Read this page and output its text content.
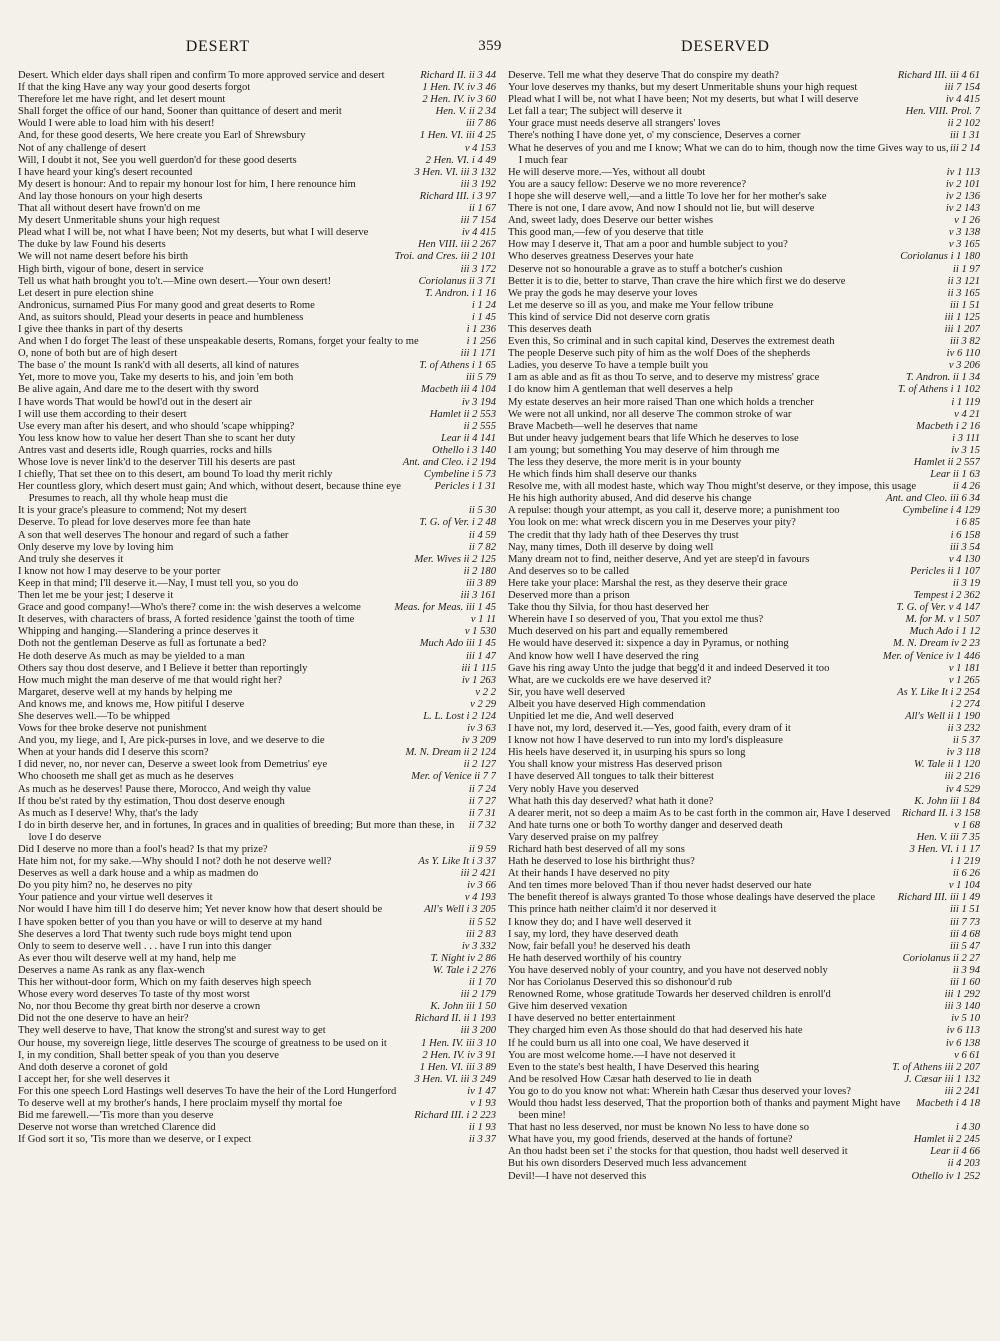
DESERT	359	DESERVED
Richard II. ii 3 44
Desert. Which elder days shall ripen and confirm To more approved service and desert
1 Hen. IV. iv 3 46
If that the king Have any way your good deserts forgot
2 Hen. IV. iv 3 60
Therefore let me have right, and let desert mount
Hen. V. ii 2 34
Shall forget the office of our hand, Sooner than quittance of desert and merit
iii 7 86
Would I were able to load him with his desert!
1 Hen. VI. iii 4 25
And, for these good deserts, We here create you Earl of Shrewsbury
v 4 153
Not of any challenge of desert
2 Hen. VI. i 4 49
Will, I doubt it not, See you well guerdon'd for these good deserts
3 Hen. VI. iii 3 132
I have heard your king's desert recounted
iii 3 192
My desert is honour: And to repair my honour lost for him, I here renounce him
Richard III. i 3 97
And lay those honours on your high deserts
ii 1 67
That all without desert have frown'd on me
iii 7 154
My desert Unmeritable shuns your high request
iv 4 415
Plead what I will be, not what I have been; Not my deserts, but what I will deserve
Hen VIII. iii 2 267
The duke by law Found his deserts
Troi. and Cres. iii 2 101
We will not name desert before his birth
iii 3 172
High birth, vigour of bone, desert in service
Coriolanus ii 3 71
Tell us what hath brought you to't.—Mine own desert.—Your own desert!
T. Andron. i 1 16
Let desert in pure election shine
i 1 24
Andronicus, surnamed Pius For many good and great deserts to Rome
i 1 45
And, as suitors should, Plead your deserts in peace and humbleness
i 1 236
I give thee thanks in part of thy deserts
i 1 256
And when I do forget The least of these unspeakable deserts, Romans, forget your fealty to me
iii 1 171
O, none of both but are of high desert
T. of Athens i 1 65
The base o' the mount Is rank'd with all deserts, all kind of natures
iii 5 79
Yet, more to move you, Take my deserts to his, and join 'em both
Macbeth iii 4 104
Be alive again, And dare me to the desert with thy sword
iv 3 194
I have words That would be howl'd out in the desert air
Hamlet ii 2 553
I will use them according to their desert
ii 2 555
Use every man after his desert, and who should 'scape whipping?
Lear ii 4 141
You less know how to value her desert Than she to scant her duty
Othello i 3 140
Antres vast and deserts idle, Rough quarries, rocks and hills
Ant. and Cleo. i 2 194
Whose love is never link'd to the deserver Till his deserts are past
Cymbeline i 5 73
I chiefly, That set thee on to this desert, am bound To load thy merit richly
Pericles i 1 31
Her countless glory, which desert must gain; And which, without desert, because thine eye Presumes to reach, all thy whole heap must die
ii 5 30
It is your grace's pleasure to commend; Not my desert
T. G. of Ver. i 2 48
Deserve. To plead for love deserves more fee than hate
ii 4 59
A son that well deserves The honour and regard of such a father
ii 7 82
Only deserve my love by loving him
Mer. Wives ii 2 125
And truly she deserves it
ii 2 180
I know not how I may deserve to be your porter
iii 3 89
Keep in that mind; I'll deserve it.—Nay, I must tell you, so you do
iii 3 161
Then let me be your jest; I deserve it
Meas. for Meas. iii 1 45
Grace and good company!—Who's there? come in: the wish deserves a welcome
v 1 11
It deserves, with characters of brass, A forted residence 'gainst the tooth of time
v 1 530
Whipping and hanging.—Slandering a prince deserves it
Much Ado iii 1 45
Doth not the gentleman Deserve as full as fortunate a bed?
iii 1 47
He doth deserve As much as may be yielded to a man
iii 1 115
Others say thou dost deserve, and I Believe it better than reportingly
iv 1 263
How much might the man deserve of me that would right her?
v 2 2
Margaret, deserve well at my hands by helping me
v 2 29
And knows me, and knows me, How pitiful I deserve
L. L. Lost i 2 124
She deserves well.—To be whipped
iv 3 63
Vows for thee broke deserve not punishment
iv 3 209
And you, my liege, and I, Are pick-purses in love, and we deserve to die
M. N. Dream ii 2 124
When at your hands did I deserve this scorn?
ii 2 127
I did never, no, nor never can, Deserve a sweet look from Demetrius' eye
Mer. of Venice ii 7 7
Who chooseth me shall get as much as he deserves
ii 7 24
As much as he deserves! Pause there, Morocco, And weigh thy value
ii 7 27
If thou be'st rated by thy estimation, Thou dost deserve enough
ii 7 31
As much as I deserve! Why, that's the lady
ii 7 32
I do in birth deserve her, and in fortunes, In graces and in qualities of breeding; But more than these, in love I do deserve
ii 9 59
Did I deserve no more than a fool's head? Is that my prize?
As Y. Like It i 3 37
Hate him not, for my sake.—Why should I not? doth he not deserve well?
iii 2 421
Deserves as well a dark house and a whip as madmen do
iv 3 66
Do you pity him? no, he deserves no pity
v 4 193
Your patience and your virtue well deserves it
All's Well i 3 205
Nor would I have him till I do deserve him; Yet never know how that desert should be
ii 5 52
I have spoken better of you than you have or will to deserve at my hand
iii 2 83
She deserves a lord That twenty such rude boys might tend upon
iv 3 332
Only to seem to deserve well . . . have I run into this danger
T. Night iv 2 86
As ever thou wilt deserve well at my hand, help me
W. Tale i 2 276
Deserves a name As rank as any flax-wench
ii 1 70
This her without-door form, Which on my faith deserves high speech
iii 2 179
Whose every word deserves To taste of thy most worst
K. John iii 1 50
No, nor thou Become thy great birth nor deserve a crown
Richard II. ii 1 193
Did not the one deserve to have an heir?
iii 3 200
They well deserve to have, That know the strong'st and surest way to get
1 Hen. IV. iii 3 10
Our house, my sovereign liege, little deserves The scourge of greatness to be used on it
2 Hen. IV. iv 3 91
I, in my condition, Shall better speak of you than you deserve
1 Hen. VI. iii 3 89
And doth deserve a coronet of gold
3 Hen. VI. iii 3 249
I accept her, for she well deserves it
iv 1 47
For this one speech Lord Hastings well deserves To have the heir of the Lord Hungerford
v 1 93
To deserve well at my brother's hands, I here proclaim myself thy mortal foe
Richard III. i 2 223
Bid me farewell.—'Tis more than you deserve
ii 1 93
Deserve not worse than wretched Clarence did
ii 3 37
If God sort it so, 'Tis more than we deserve, or I expect
Richard III. iii 4 61
Deserve. Tell me what they deserve That do conspire my death?
iii 7 154
Your love deserves my thanks, but my desert Unmeritable shuns your high request
iv 4 415
Plead what I will be, not what I have been; Not my deserts, but what I will deserve
Hen. VIII. Prol. 7
Let fall a tear; The subject will deserve it
ii 2 102
Your grace must needs deserve all strangers' loves
iii 1 31
There's nothing I have done yet, o' my conscience, Deserves a corner
iii 2 14
What he deserves of you and me I know; What we can do to him, though now the time Gives way to us, I much fear
iv 1 113
He will deserve more.—Yes, without all doubt
iv 2 101
You are a saucy fellow: Deserve we no more reverence?
iv 2 136
I hope she will deserve well,—and a little To love her for her mother's sake
iv 2 143
There is not one, I dare avow, And now I should not lie, but will deserve
v 1 26
And, sweet lady, does Deserve our better wishes
v 3 138
This good man,—few of you deserve that title
v 3 165
How may I deserve it, That am a poor and humble subject to you?
Coriolanus i 1 180
Who deserves greatness Deserves your hate
ii 1 97
Deserve not so honourable a grave as to stuff a botcher's cushion
ii 3 121
Better it is to die, better to starve, Than crave the hire which first we do deserve
ii 3 165
We pray the gods he may deserve your loves
iii 1 51
Let me deserve so ill as you, and make me Your fellow tribune
iii 1 125
This kind of service Did not deserve corn gratis
iii 1 207
This deserves death
iii 3 82
Even this, So criminal and in such capital kind, Deserves the extremest death
iv 6 110
The people Deserve such pity of him as the wolf Does of the shepherds
v 3 206
Ladies, you deserve To have a temple built you
T. Andron. ii 1 34
I am as able and as fit as thou To serve, and to deserve my mistress' grace
T. of Athens i 1 102
I do know him A gentleman that well deserves a help
i 1 119
My estate deserves an heir more raised Than one which holds a trencher
v 4 21
We were not all unkind, nor all deserve The common stroke of war
Macbeth i 2 16
Brave Macbeth—well he deserves that name
i 3 111
But under heavy judgement bears that life Which he deserves to lose
iv 3 15
I am young; but something You may deserve of him through me
Hamlet ii 2 557
The less they deserve, the more merit is in your bounty
Lear ii 1 63
He which finds him shall deserve our thanks
ii 4 26
Resolve me, with all modest haste, which way Thou might'st deserve, or they impose, this usage
Ant. and Cleo. iii 6 34
He his high authority abused, And did deserve his change
Cymbeline i 4 129
A repulse: though your attempt, as you call it, deserve more; a punishment too
i 6 85
You look on me: what wreck discern you in me Deserves your pity?
i 6 158
The credit that thy lady hath of thee Deserves thy trust
iii 3 54
Nay, many times, Doth ill deserve by doing well
v 4 130
Many dream not to find, neither deserve, And yet are steep'd in favours
Pericles ii 1 107
And deserves so to be called
ii 3 19
Here take your place: Marshal the rest, as they deserve their grace
Tempest i 2 362
Deserved more than a prison
T. G. of Ver. v 4 147
Take thou thy Silvia, for thou hast deserved her
M. for M. v 1 507
Wherein have I so deserved of you, That you extol me thus?
Much Ado i 1 12
Much deserved on his part and equally remembered
M. N. Dream iv 2 23
He would have deserved it: sixpence a day in Pyramus, or nothing
Mer. of Venice iv 1 446
And know how well I have deserved the ring
v 1 181
Gave his ring away Unto the judge that begg'd it and indeed Deserved it too
v 1 265
What, are we cuckolds ere we have deserved it?
As Y. Like It i 2 254
Sir, you have well deserved
i 2 274
Albeit you have deserved High commendation
All's Well ii 1 190
Unpitied let me die, And well deserved
ii 3 232
I have not, my lord, deserved it.—Yes, good faith, every dram of it
ii 5 37
I know not how I have deserved to run into my lord's displeasure
iv 3 118
His heels have deserved it, in usurping his spurs so long
W. Tale ii 1 120
You shall know your mistress Has deserved prison
iii 2 216
I have deserved All tongues to talk their bitterest
iv 4 529
Very nobly Have you deserved
K. John iii 1 84
What hath this day deserved? what hath it done?
Richard II. i 3 158
A dearer merit, not so deep a maim As to be cast forth in the common air, Have I deserved
v 1 68
And hate turns one or both To worthy danger and deserved death
Hen. V. iii 7 35
Vary deserved praise on my palfrey
3 Hen. VI. i 1 17
Richard hath best deserved of all my sons
i 1 219
Hath he deserved to lose his birthright thus?
ii 6 26
At their hands I have deserved no pity
v 1 104
And ten times more beloved Than if thou never hadst deserved our hate
Richard III. iii 1 49
The benefit thereof is always granted To those whose dealings have deserved the place
iii 1 51
This prince hath neither claim'd it nor deserved it
iii 7 73
I know they do; and I have well deserved it
iii 4 68
I say, my lord, they have deserved death
iii 5 47
Now, fair befall you! he deserved his death
Coriolanus ii 2 27
He hath deserved worthily of his country
ii 3 94
You have deserved nobly of your country, and you have not deserved nobly
iii 1 60
Nor has Coriolanus Deserved this so dishonour'd rub
iii 1 292
Renowned Rome, whose gratitude Towards her deserved children is enroll'd
iii 3 140
Give him deserved vexation
iv 5 10
I have deserved no better entertainment
iv 6 113
They charged him even As those should do that had deserved his hate
iv 6 138
If he could burn us all into one coal, We have deserved it
v 6 61
You are most welcome home.—I have not deserved it
T. of Athens iii 2 207
Even to the state's best health, I have Deserved this hearing
J. Cæsar iii 1 132
And be resolved How Cæsar hath deserved to lie in death
iii 2 241
You go to do you know not what: Wherein hath Cæsar thus deserved your loves?
Macbeth i 4 18
Would thou hadst less deserved, That the proportion both of thanks and payment Might have been mine!
i 4 30
That hast no less deserved, nor must be known No less to have done so
Hamlet ii 2 245
What have you, my good friends, deserved at the hands of fortune?
Lear ii 4 66
An thou hadst been set i' the stocks for that question, thou hadst well deserved it
ii 4 203
But his own disorders Deserved much less advancement
Othello iv 1 252
Devil!—I have not deserved this
